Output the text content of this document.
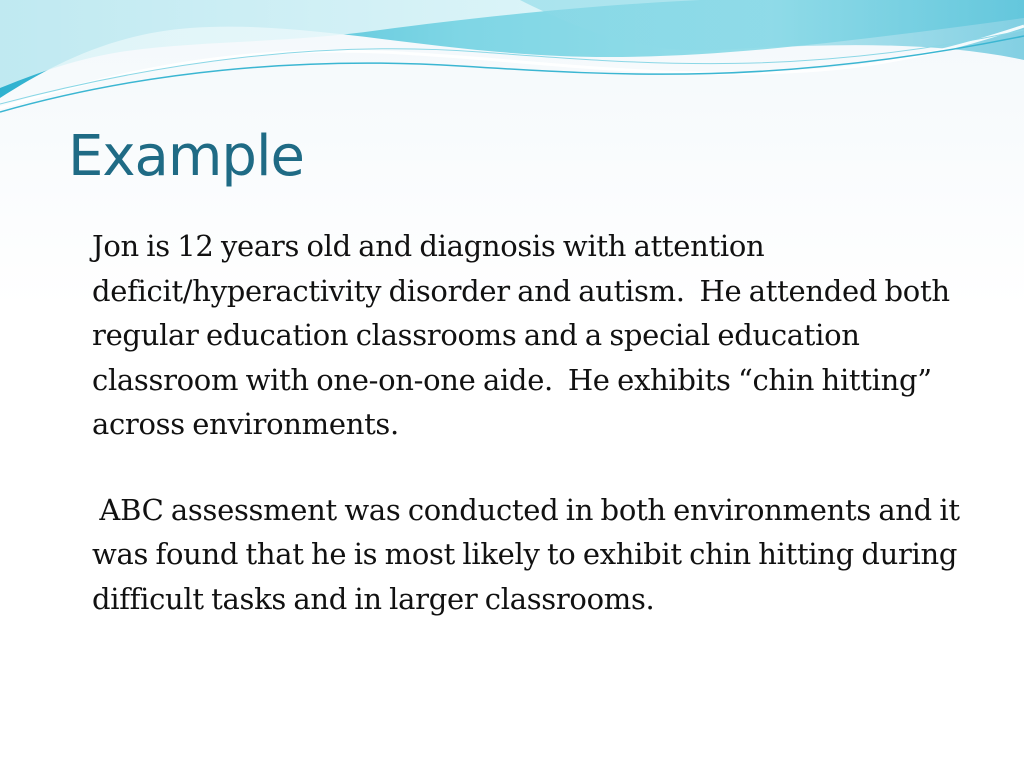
Example

Jon is 12 years old and diagnosis with attention deficit/hyperactivity disorder and autism.  He attended both regular education classrooms and a special education classroom with one-on-one aide.  He exhibits “chin hitting” across environments.

ABC assessment was conducted in both environments and it was found that he is most likely to exhibit chin hitting during difficult tasks and in larger classrooms.
